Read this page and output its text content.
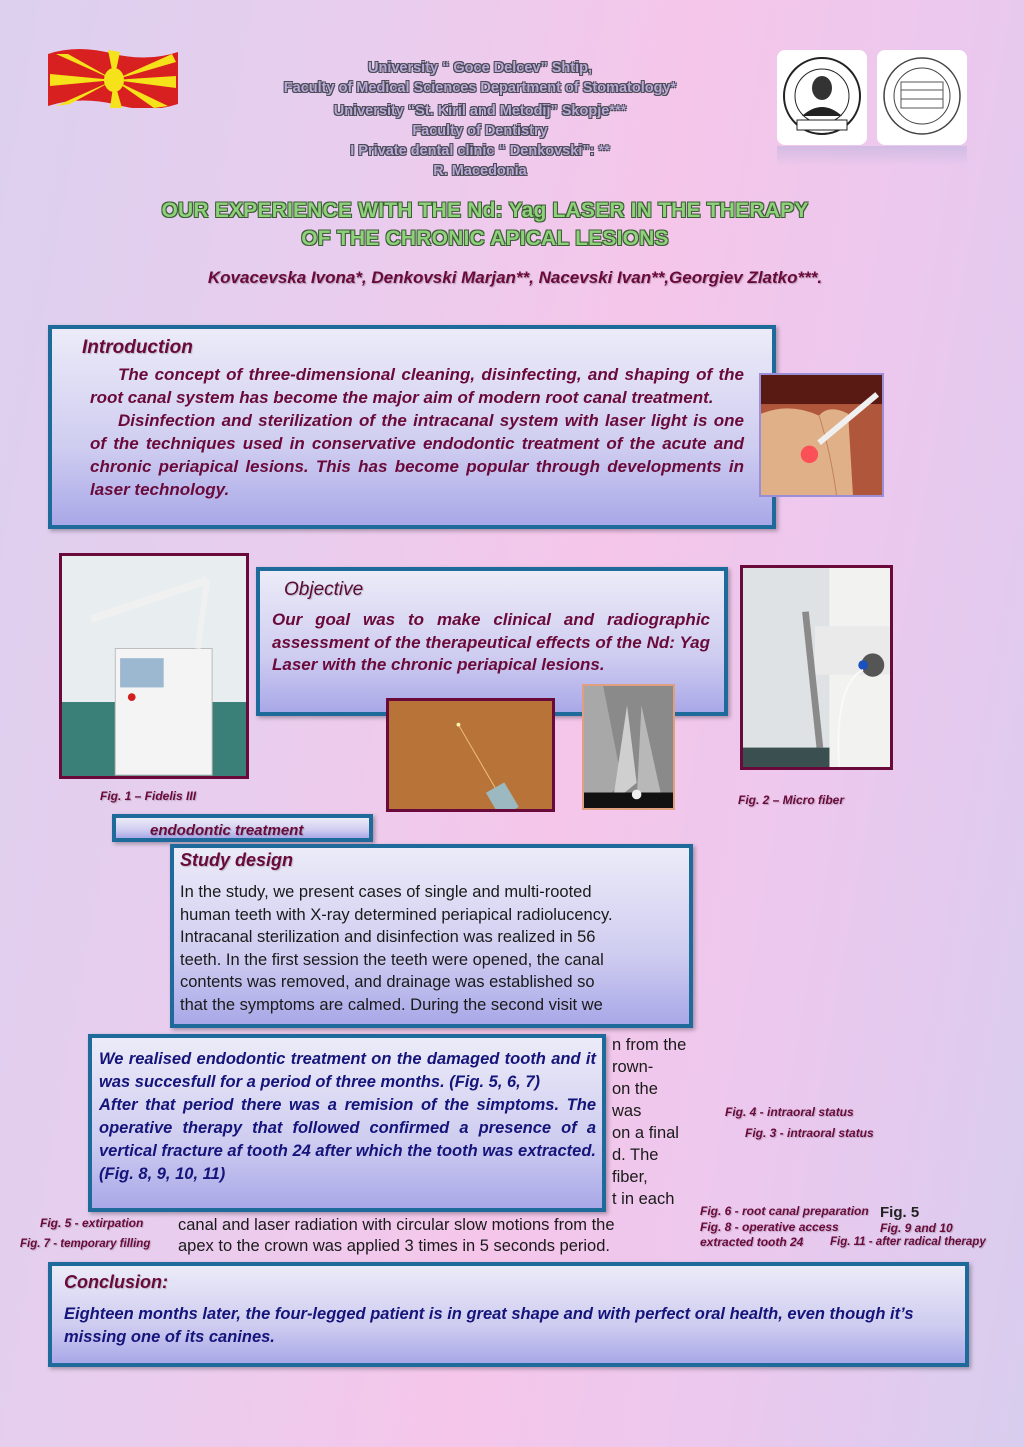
University “ Goce Delcev” Shtip,
Faculty of Medical Sciences Department of Stomatology*
University “St. Kiril and Metodij” Skopje***
Faculty of Dentistry
I Private dental clinic “ Denkovski”: **
R. Macedonia
OUR EXPERIENCE WITH THE Nd: Yag LASER IN THE THERAPY
OF THE CHRONIC APICAL LESIONS
Kovacevska Ivona*, Denkovski Marjan**, Nacevski Ivan**,Georgiev Zlatko***.
Introduction
The concept of three-dimensional cleaning, disinfecting, and shaping of the root canal system has become the major aim of modern root canal treatment.
Disinfection and sterilization of the intracanal system with laser light is one of the techniques used in conservative endodontic treatment of the acute and chronic periapical lesions. This has become popular through developments in laser technology.
Fig. 1 – Fidelis III
Objective
Our goal was to make clinical and radiographic assessment of the therapeutical effects of the Nd: Yag Laser with the chronic periapical lesions.
Fig. 2 – Micro fiber
endodontic treatment
Study design
In the study, we present cases of single and multi-rooted
human teeth with X-ray determined periapical radiolucency.
Intracanal sterilization and disinfection was realized in 56
teeth. In the first session the teeth were opened, the canal
contents was removed, and drainage was established so
that the symptoms are calmed. During the second visit we
We realised endodontic treatment on the damaged tooth and it was succesfull for a period of three months. (Fig. 5, 6, 7)
After that period there was a remision of the simptoms. The operative therapy that followed confirmed a presence of a vertical fracture af tooth 24 after which the tooth was extracted. (Fig. 8, 9, 10, 11)
n from the
rown-
on the
was
on a final
d. The
fiber,
t in each
Fig. 4 - intraoral status
Fig. 3 - intraoral status
canal and laser radiation with circular slow motions from the
apex to the crown was applied 3 times in 5 seconds period.
Fig. 5 - extirpation
Fig. 7 - temporary filling
Fig. 6 - root canal preparation
Fig. 8 - operative access
Fig. 5
Fig. 9 and 10
extracted tooth 24 Fig. 11 - after radical therapy
Conclusion:
Eighteen months later, the four-legged patient is in great shape and with perfect oral health, even though it’s missing one of its canines.
